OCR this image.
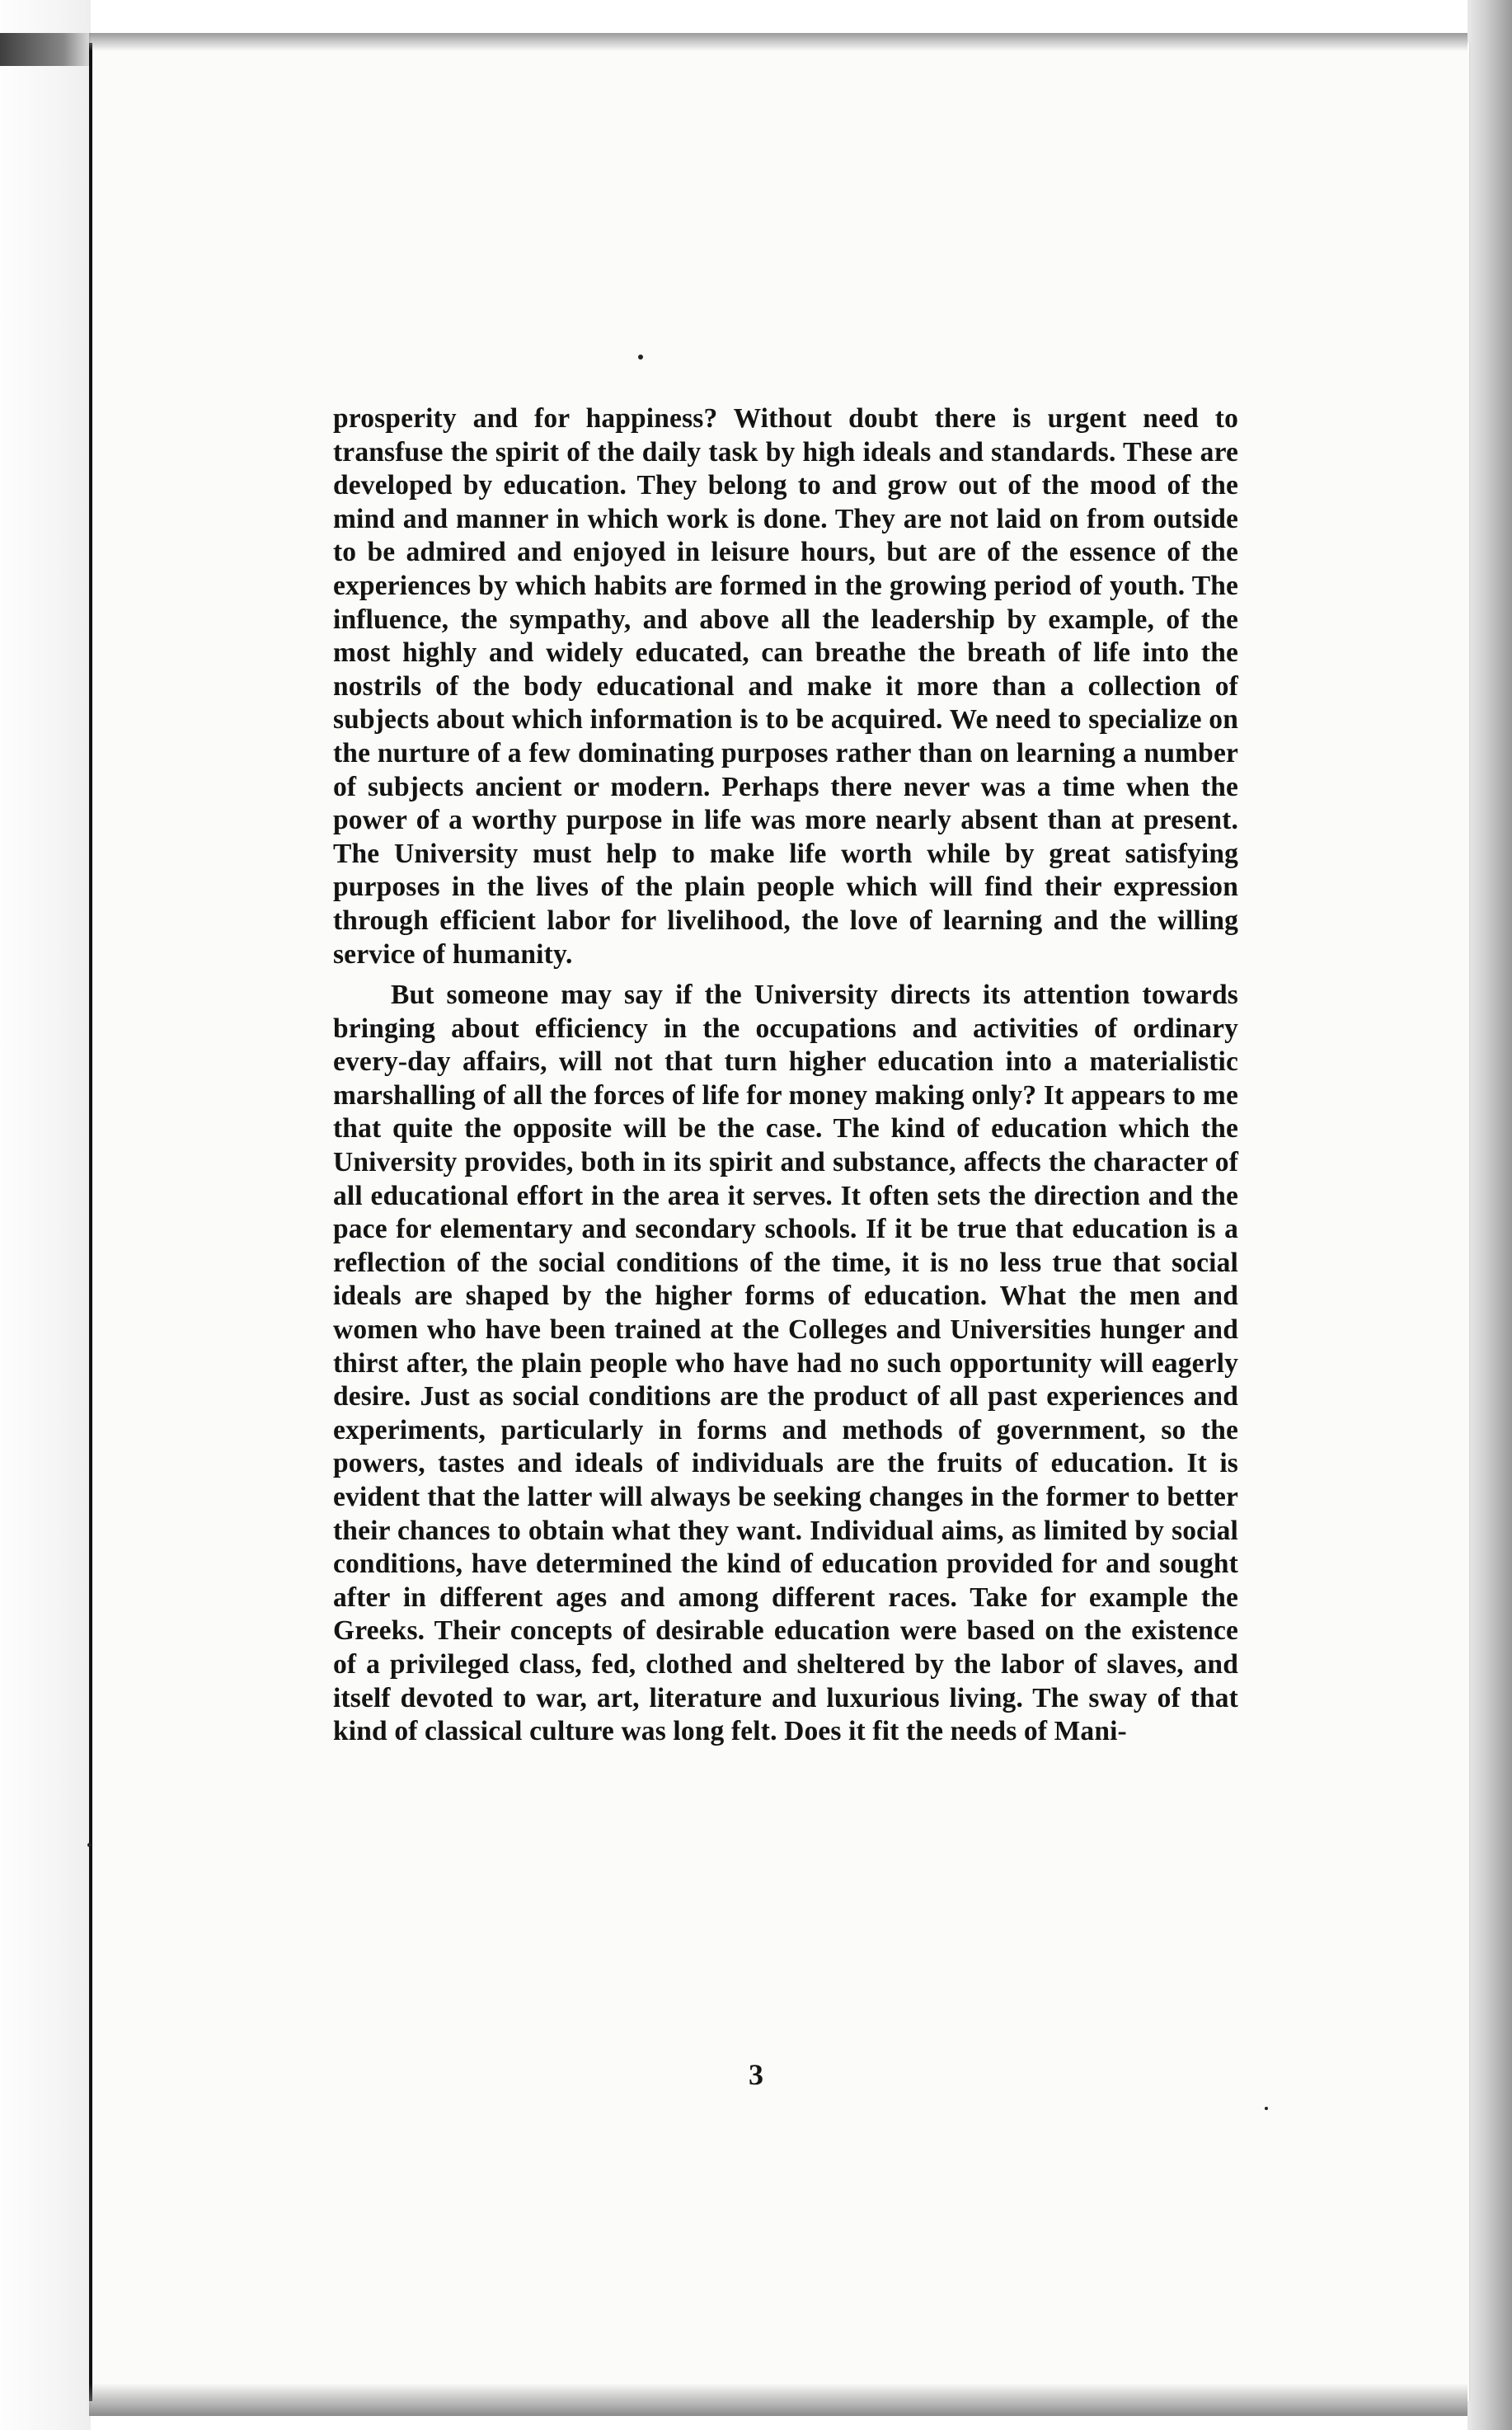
prosperity and for happiness? Without doubt there is urgent need to transfuse the spirit of the daily task by high ideals and standards. These are developed by education. They belong to and grow out of the mood of the mind and manner in which work is done. They are not laid on from outside to be admired and enjoyed in leisure hours, but are of the essence of the experiences by which habits are formed in the growing period of youth. The influence, the sympathy, and above all the leadership by example, of the most highly and widely educated, can breathe the breath of life into the nostrils of the body educational and make it more than a collection of subjects about which information is to be acquired. We need to specialize on the nurture of a few dominating purposes rather than on learning a number of subjects ancient or modern. Perhaps there never was a time when the power of a worthy purpose in life was more nearly absent than at present. The University must help to make life worth while by great satisfying purposes in the lives of the plain people which will find their expression through efficient labor for livelihood, the love of learning and the willing service of humanity.

But someone may say if the University directs its attention towards bringing about efficiency in the occupations and activities of ordinary every-day affairs, will not that turn higher education into a materialistic marshalling of all the forces of life for money making only? It appears to me that quite the opposite will be the case. The kind of education which the University provides, both in its spirit and substance, affects the character of all educational effort in the area it serves. It often sets the direction and the pace for elementary and secondary schools. If it be true that education is a reflection of the social conditions of the time, it is no less true that social ideals are shaped by the higher forms of education. What the men and women who have been trained at the Colleges and Universities hunger and thirst after, the plain people who have had no such opportunity will eagerly desire. Just as social conditions are the product of all past experiences and experiments, particularly in forms and methods of government, so the powers, tastes and ideals of individuals are the fruits of education. It is evident that the latter will always be seeking changes in the former to better their chances to obtain what they want. Individual aims, as limited by social conditions, have determined the kind of education provided for and sought after in different ages and among different races. Take for example the Greeks. Their concepts of desirable education were based on the existence of a privileged class, fed, clothed and sheltered by the labor of slaves, and itself devoted to war, art, literature and luxurious living. The sway of that kind of classical culture was long felt. Does it fit the needs of Mani-

3
